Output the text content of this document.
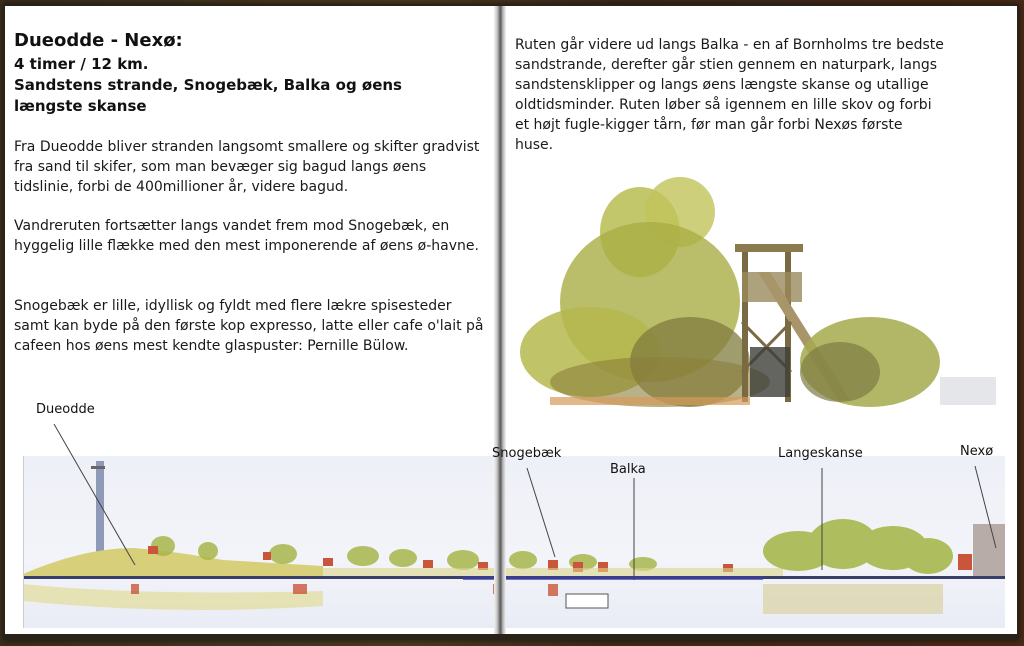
Dueodde - Nexø:
4 timer / 12 km.
Sandstens strande, Snogebæk, Balka og øens længste skanse

Fra Dueodde bliver stranden langsomt smallere og skifter gradvist fra sand til skifer, som man bevæger sig bagud langs øens tidslinie, forbi de 400millioner år, videre bagud.

Vandreruten fortsætter langs vandet frem mod Snogebæk, en hyggelig lille flække med den mest imponerende af øens ø-havne.

Snogebæk er lille, idyllisk og fyldt med flere lækre spisesteder samt kan byde på den første kop expresso, latte eller cafe o'lait på cafeen hos øens mest kendte glaspuster: Pernille Bülow.

Ruten går videre ud langs Balka - en af Bornholms tre bedste sandstrande, derefter går stien gennem en naturpark, langs sandstensklipper og langs øens længste skanse og utallige oldtidsminder. Ruten løber så igennem en lille skov og forbi et højt fugle-kigger tårn, før man går forbi Nexøs første huse.

Dueodde
Snogebæk
Balka
Langeskanse	Nexø
